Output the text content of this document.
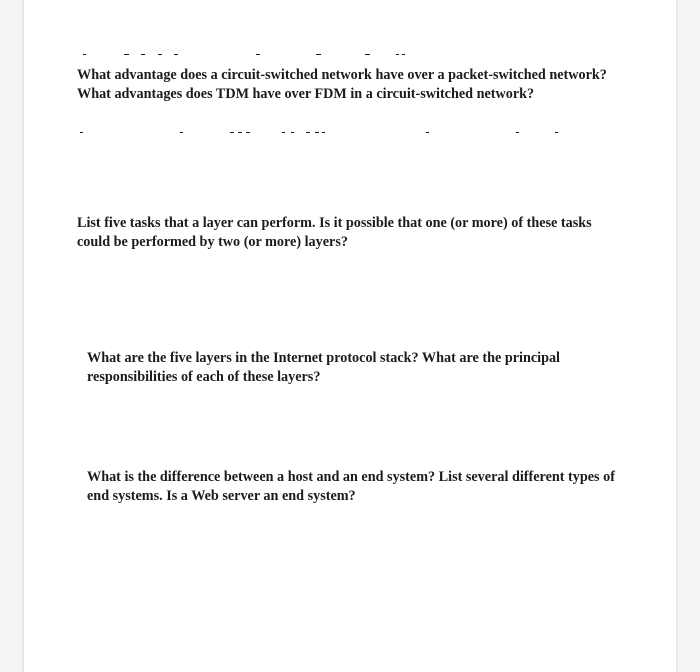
What advantage does a circuit-switched network have over a packet-switched network? What advantages does TDM have over FDM in a circuit-switched network?

List five tasks that a layer can perform. Is it possible that one (or more) of these tasks could be performed by two (or more) layers?

What are the five layers in the Internet protocol stack? What are the principal responsibilities of each of these layers?

What is the difference between a host and an end system? List several different types of end systems. Is a Web server an end system?
